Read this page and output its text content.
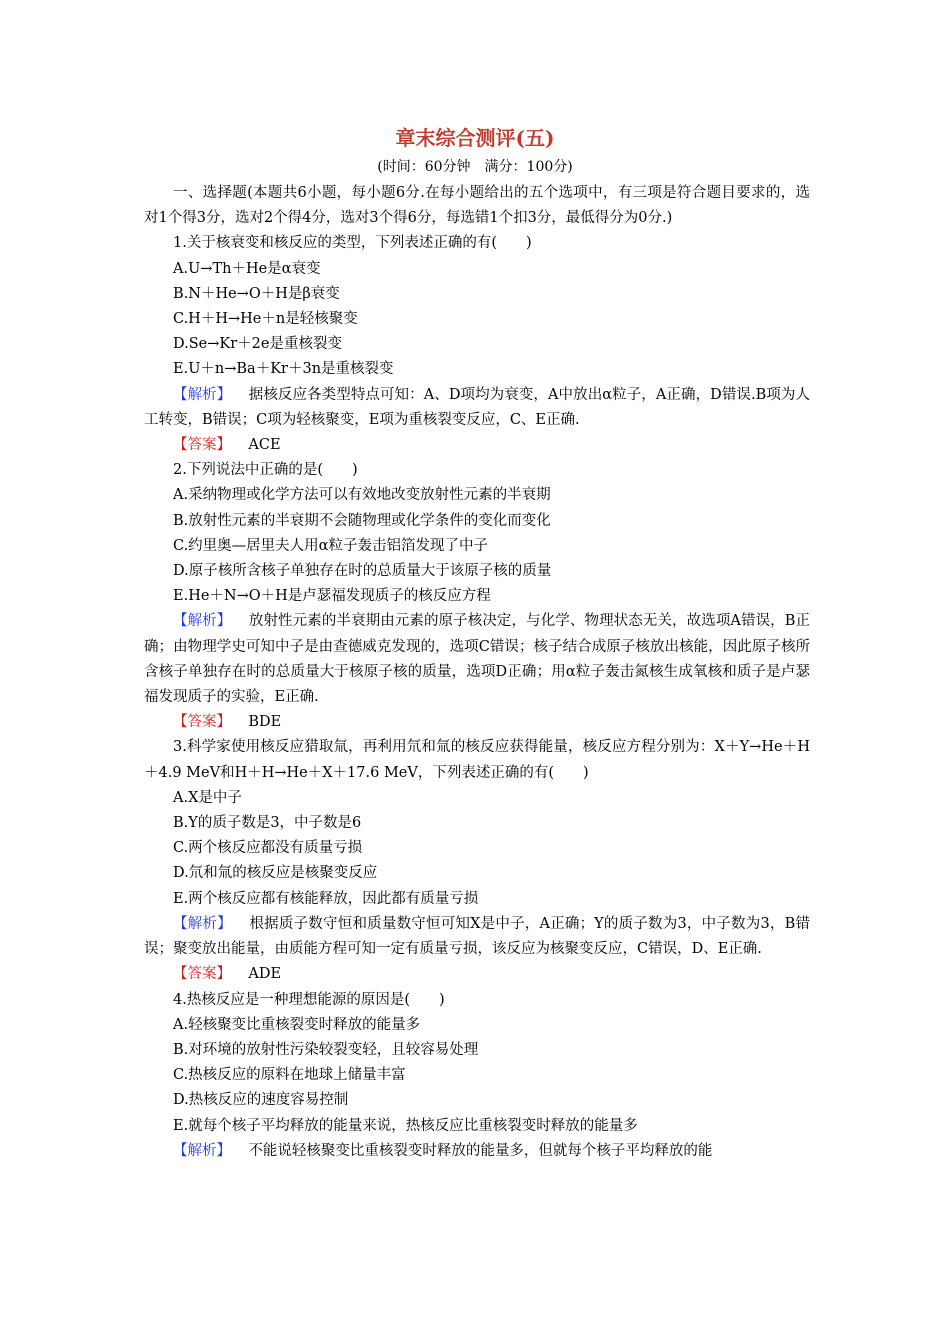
章末综合测评(五)
(时间：60分钟　满分：100分)

一、选择题(本题共6小题，每小题6分.在每小题给出的五个选项中，有三项是符合题目要求的，选对1个得3分，选对2个得4分，选对3个得6分，每选错1个扣3分，最低得分为0分.)

1.关于核衰变和核反应的类型，下列表述正确的有(　　)

A.U→Th＋He是α衰变

B.N＋He→O＋H是β衰变

C.H＋H→He＋n是轻核聚变

D.Se→Kr＋2e是重核裂变

E.U＋n→Ba＋Kr＋3n是重核裂变

【解析】 据核反应各类型特点可知：A、D项均为衰变，A中放出α粒子，A正确，D错误.B项为人工转变，B错误；C项为轻核聚变，E项为重核裂变反应，C、E正确.

【答案】 ACE

2.下列说法中正确的是(　　)

A.采纳物理或化学方法可以有效地改变放射性元素的半衰期

B.放射性元素的半衰期不会随物理或化学条件的变化而变化

C.约里奥—居里夫人用α粒子轰击铝箔发现了中子

D.原子核所含核子单独存在时的总质量大于该原子核的质量

E.He＋N→O＋H是卢瑟福发现质子的核反应方程

【解析】 放射性元素的半衰期由元素的原子核决定，与化学、物理状态无关，故选项A错误，B正确；由物理学史可知中子是由查德威克发现的，选项C错误；核子结合成原子核放出核能，因此原子核所含核子单独存在时的总质量大于核原子核的质量，选项D正确；用α粒子轰击氮核生成氧核和质子是卢瑟福发现质子的实验，E正确.

【答案】 BDE

3.科学家使用核反应猎取氚，再利用氘和氚的核反应获得能量，核反应方程分别为：X＋Y→He＋H＋4.9 MeV和H＋H→He＋X＋17.6 MeV，下列表述正确的有(　　)

A.X是中子

B.Y的质子数是3，中子数是6

C.两个核反应都没有质量亏损

D.氘和氚的核反应是核聚变反应

E.两个核反应都有核能释放，因此都有质量亏损

【解析】 根据质子数守恒和质量数守恒可知X是中子，A正确；Y的质子数为3，中子数为3，B错误；聚变放出能量，由质能方程可知一定有质量亏损，该反应为核聚变反应，C错误，D、E正确.

【答案】 ADE

4.热核反应是一种理想能源的原因是(　　)

A.轻核聚变比重核裂变时释放的能量多

B.对环境的放射性污染较裂变轻，且较容易处理

C.热核反应的原料在地球上储量丰富

D.热核反应的速度容易控制

E.就每个核子平均释放的能量来说，热核反应比重核裂变时释放的能量多

【解析】 不能说轻核聚变比重核裂变时释放的能量多，但就每个核子平均释放的能
